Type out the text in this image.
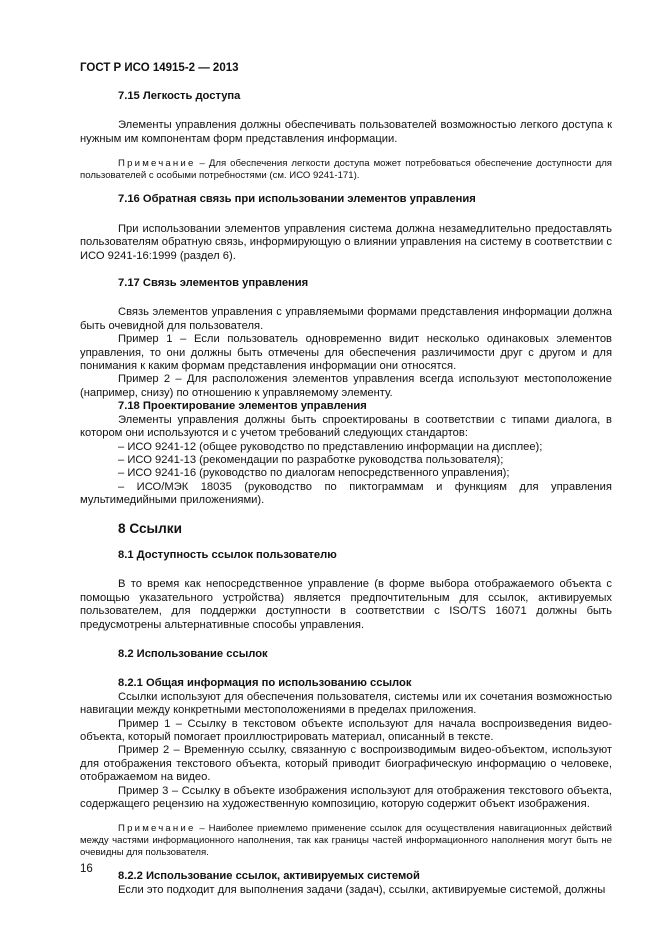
ГОСТ Р ИСО 14915-2 — 2013
7.15 Легкость доступа

Элементы управления должны обеспечивать пользователей возможностью легкого доступа к нужным им компонентам форм представления информации.

Примечание – Для обеспечения легкости доступа может потребоваться обеспечение доступности для пользователей с особыми потребностями (см. ИСО 9241-171).

7.16 Обратная связь при использовании элементов управления

При использовании элементов управления система должна незамедлительно предоставлять пользователям обратную связь, информирующую о влиянии управления на систему в соответствии с ИСО 9241-16:1999 (раздел 6).

7.17 Связь элементов управления

Связь элементов управления с управляемыми формами представления информации должна быть очевидной для пользователя.

Пример 1 – Если пользователь одновременно видит несколько одинаковых элементов управления, то они должны быть отмечены для обеспечения различимости друг с другом и для понимания к каким формам представления информации они относятся.

Пример 2 – Для расположения элементов управления всегда используют местоположение (например, снизу) по отношению к управляемому элементу.

7.18 Проектирование элементов управления

Элементы управления должны быть спроектированы в соответствии с типами диалога, в котором они используются и с учетом требований следующих стандартов:

– ИСО 9241-12 (общее руководство по представлению информации на дисплее);

– ИСО 9241-13 (рекомендации по разработке руководства пользователя);

– ИСО 9241-16 (руководство по диалогам непосредственного управления);

– ИСО/МЭК 18035 (руководство по пиктограммам и функциям для управления мультимедийными приложениями).

8 Ссылки
8.1 Доступность ссылок пользователю

В то время как непосредственное управление (в форме выбора отображаемого объекта с помощью указательного устройства) является предпочтительным для ссылок, активируемых пользователем, для поддержки доступности в соответствии с ISO/TS 16071 должны быть предусмотрены альтернативные способы управления.

8.2 Использование ссылок
8.2.1 Общая информация по использованию ссылок

Ссылки используют для обеспечения пользователя, системы или их сочетания возможностью навигации между конкретными местоположениями в пределах приложения.

Пример 1 – Ссылку в текстовом объекте используют для начала воспроизведения видео-объекта, который помогает проиллюстрировать материал, описанный в тексте.

Пример 2 – Временную ссылку, связанную с воспроизводимым видео-объектом, используют для отображения текстового объекта, который приводит биографическую информацию о человеке, отображаемом на видео.

Пример 3 – Ссылку в объекте изображения используют для отображения текстового объекта, содержащего рецензию на художественную композицию, которую содержит объект изображения.

Примечание – Наиболее приемлемо применение ссылок для осуществления навигационных действий между частями информационного наполнения, так как границы частей информационного наполнения могут быть не очевидны для пользователя.

8.2.2 Использование ссылок, активируемых системой

Если это подходит для выполнения задачи (задач), ссылки, активируемые системой, должны

16
